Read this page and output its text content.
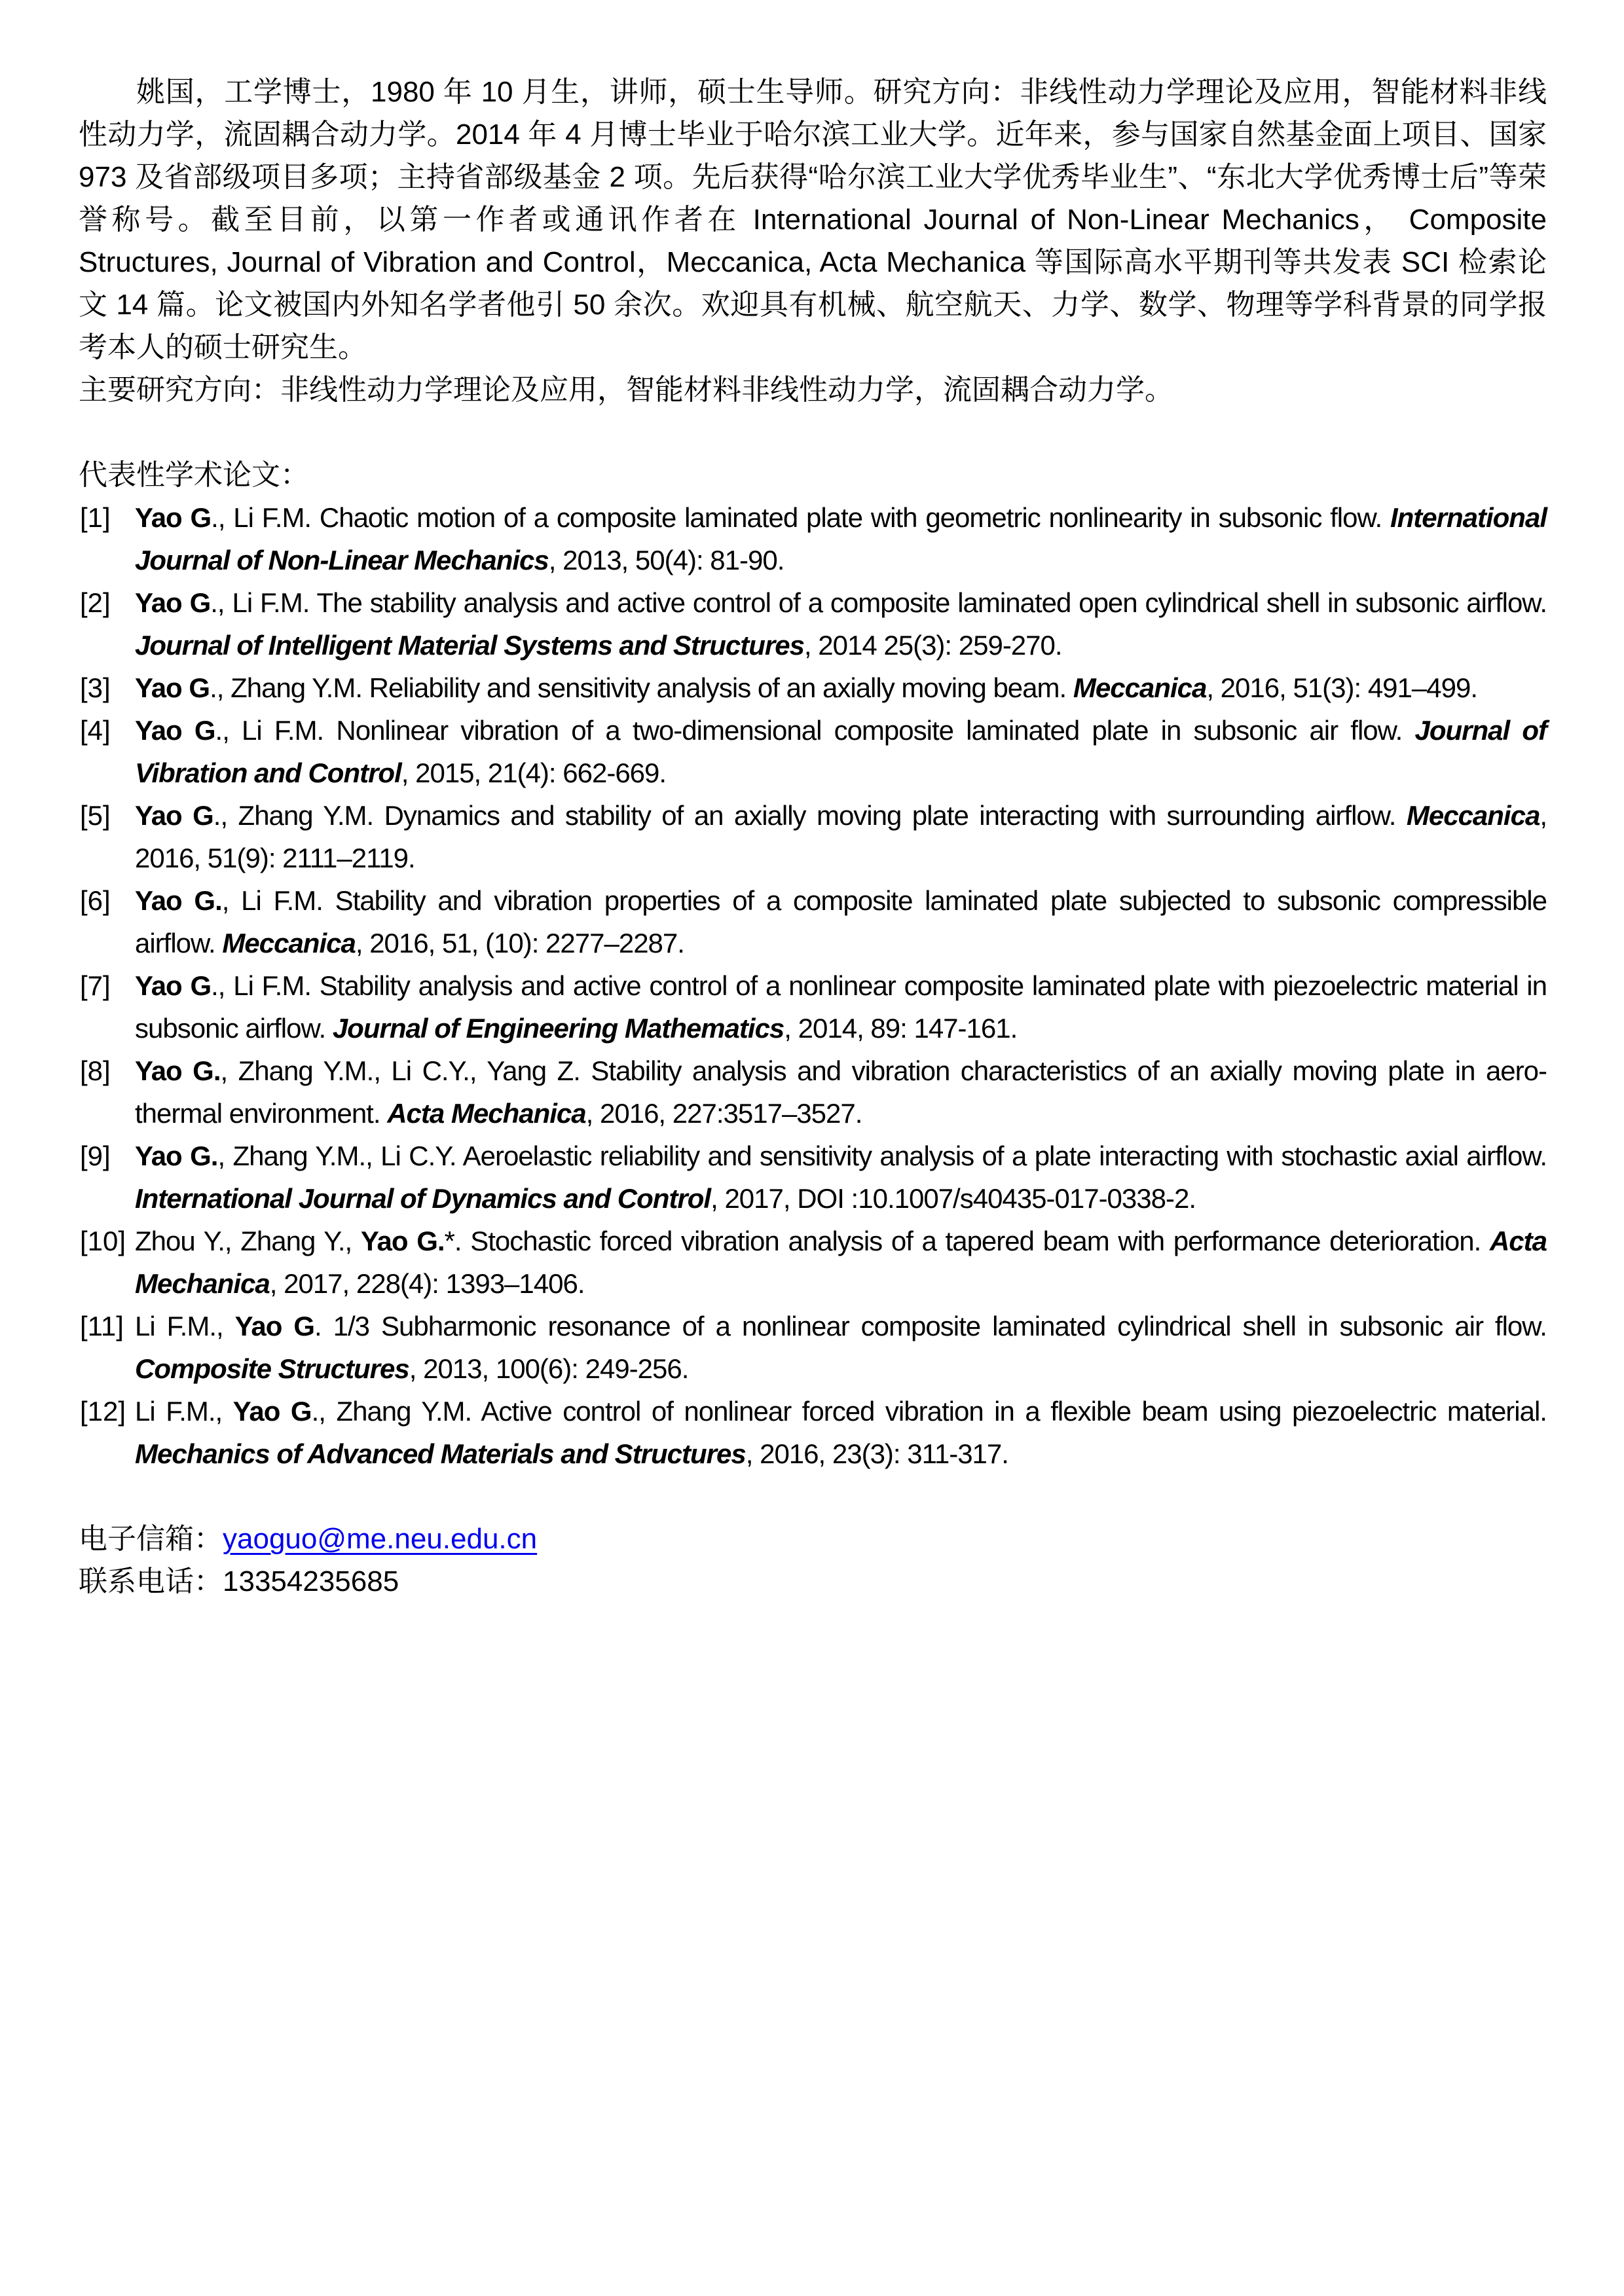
姚国，工学博士，1980 年 10 月生，讲师，硕士生导师。研究方向：非线性动力学理论及应用，智能材料非线性动力学，流固耦合动力学。2014 年 4 月博士毕业于哈尔滨工业大学。近年来，参与国家自然基金面上项目、国家 973 及省部级项目多项；主持省部级基金 2 项。先后获得“哈尔滨工业大学优秀毕业生”、“东北大学优秀博士后”等荣誉称号。截至目前，以第一作者或通讯作者在 International Journal of Non-Linear Mechanics， Composite Structures, Journal of Vibration and Control，Meccanica, Acta Mechanica 等国际高水平期刊等共发表 SCI 检索论文 14 篇。论文被国内外知名学者他引 50 余次。欢迎具有机械、航空航天、力学、数学、物理等学科背景的同学报考本人的硕士研究生。

主要研究方向：非线性动力学理论及应用，智能材料非线性动力学，流固耦合动力学。

代表性学术论文：
[1] Yao G., Li F.M. Chaotic motion of a composite laminated plate with geometric nonlinearity in subsonic flow. International Journal of Non-Linear Mechanics, 2013, 50(4): 81-90.
[2] Yao G., Li F.M. The stability analysis and active control of a composite laminated open cylindrical shell in subsonic airflow. Journal of Intelligent Material Systems and Structures, 2014 25(3): 259-270.
[3] Yao G., Zhang Y.M. Reliability and sensitivity analysis of an axially moving beam. Meccanica, 2016, 51(3): 491–499.
[4] Yao G., Li F.M. Nonlinear vibration of a two-dimensional composite laminated plate in subsonic air flow. Journal of Vibration and Control, 2015, 21(4): 662-669.
[5] Yao G., Zhang Y.M. Dynamics and stability of an axially moving plate interacting with surrounding airflow. Meccanica, 2016, 51(9): 2111–2119.
[6] Yao G., Li F.M. Stability and vibration properties of a composite laminated plate subjected to subsonic compressible airflow. Meccanica, 2016, 51, (10): 2277–2287.
[7] Yao G., Li F.M. Stability analysis and active control of a nonlinear composite laminated plate with piezoelectric material in subsonic airflow. Journal of Engineering Mathematics, 2014, 89: 147-161.
[8] Yao G., Zhang Y.M., Li C.Y., Yang Z. Stability analysis and vibration characteristics of an axially moving plate in aero-thermal environment. Acta Mechanica, 2016, 227:3517–3527.
[9] Yao G., Zhang Y.M., Li C.Y. Aeroelastic reliability and sensitivity analysis of a plate interacting with stochastic axial airflow. International Journal of Dynamics and Control, 2017, DOI :10.1007/s40435-017-0338-2.
[10] Zhou Y., Zhang Y., Yao G.*. Stochastic forced vibration analysis of a tapered beam with performance deterioration. Acta Mechanica, 2017, 228(4): 1393–1406.
[11] Li F.M., Yao G. 1/3 Subharmonic resonance of a nonlinear composite laminated cylindrical shell in subsonic air flow. Composite Structures, 2013, 100(6): 249-256.
[12] Li F.M., Yao G., Zhang Y.M. Active control of nonlinear forced vibration in a flexible beam using piezoelectric material. Mechanics of Advanced Materials and Structures, 2016, 23(3): 311-317.
电子信箱：yaoguo@me.neu.edu.cn
联系电话：13354235685
